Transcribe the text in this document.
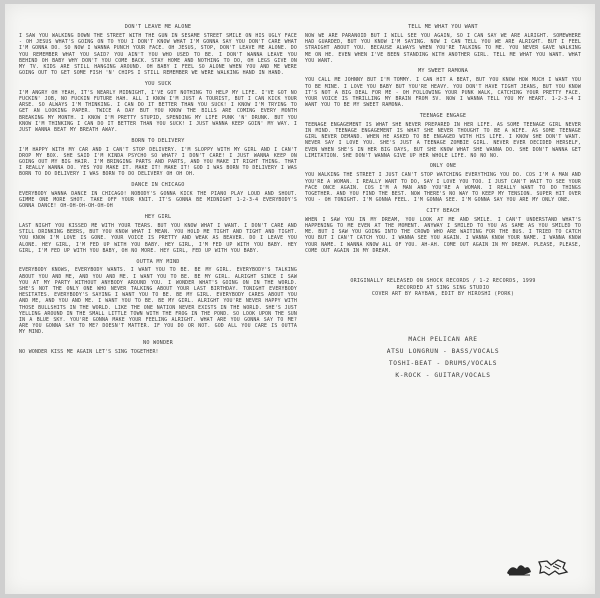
DON'T LEAVE ME ALONE
I SAW YOU WALKING DOWN THE STREET WITH THE GUN IN SESAME STREET SMILE ON HIS UGLY FACE - OH JESUS WHAT'S GOING ON TO YOU I DON'T KNOW WHAT I'M GONNA SAY YOU DON'T CARE WHAT I'M GONNA DO. SO NOW I WANNA PUNCH YOUR FACE. OH JESUS, STOP, DON'T LEAVE ME ALONE. DO YOU REMEMBER WHAT YOU SAID? YOU AIN'T YOU WHO USED TO BE. I DON'T WANNA LEAVE YOU BEHIND OH BABY WHY DON'T YOU COME BACK. STAY HOME AND NOTHING TO DO, OH LEGS GIVE ON MY TV. KIDS ARE STILL HANGING AROUND. OH BABY I FEEL SO ALONE WHEN YOU AND ME WERE GOING OUT TO GET SOME FISH 'N' CHIPS I STILL REMEMBER WE WERE WALKING HAND IN HAND.
YOU SUCK
I'M ANGRY OH YEAH, IT'S NEARLY MIDNIGHT, I'VE GOT NOTHING TO HELP MY LIFE. I'VE GOT NO FUCKIN' JOB, NO FUCKIN FUTURE HAH. ALL I KNOW I'M JUST A TOURIST, BUT I CAN KICK YOUR ARSE. SO ALWAYS I'M THINKING. I CAN DO IT BETTER THAN YOU SUCK! I KNOW I'M TRYING TO GET AN LOOKING PAPER. TWICE A DAY BUT YOU KNOW THE BILLS ARE COMING EVERY MONTH BREAKING MY MONTH. I KNOW I'M PRETTY STUPID, SPENDING MY LIFE PUNK 'N' DRUNK. BUT YOU KNOW I'M THINKING I CAN DO IT BETTER THAN YOU SUCK! I JUST WANNA KEEP GOIN' MY WAY. I JUST WANNA BEAT MY BREATH AWAY.
BORN TO DELIVERY
I'M HAPPY WITH MY CAR AND I CAN'T STOP DELIVERY. I'M SLOPPY WITH MY GIRL AND I CAN'T DROP MY BOX. SHE SAID I'M KINDA PSYCHO SO WHAT? I DON'T CARE! I JUST WANNA KEEP ON GOING OUT MY BIG HAIR. I'M BRINGING PARTS AND PARTS, AND YOU MAKE IT RIGHT THING. THAT I REALLY WANNA DO. YES YOU MAKE IT. MAKE IT! MAKE IT! GOD I WAS BORN TO DELIVERY I WAS BORN TO DO DELIVERY I WAS BORN TO DO DELIVERY OH OH OH.
DANCE IN CHICAGO
EVERYBODY WANNA DANCE IN CHICAGO! NOBODY'S GONNA KICK THE PIANO PLAY LOUD AND SHOUT. GIMME ONE MORE SHOT. TAKE OFF YOUR KNIT. IT'S GONNA BE MIDNIGHT 1-2-3-4 EVERYBODY'S GONNA DANCE! OH-OH-OH-OH-OH-OH
HEY GIRL
LAST NIGHT YOU KISSED ME WITH YOUR TEARS. BUT YOU KNOW WHAT I WANT. I DON'T CARE AND STILL DRINKING BEERS, BUT YOU KNOW WHAT I MEAN. YOU HOLD ME TIGHT AND TIGHT AND TIGHT. YOU KNOW I'M LOVE IS GONE. YOUR VOICE IS PRETTY AND WEAK AS BEAVER. DO I LEAVE YOU ALONE. HEY GIRL, I'M FED UP WITH YOU BABY. HEY GIRL, I'M FED UP WITH YOU BABY. HEY GIRL, I'M FED UP WITH YOU BABY, OH NO MORE. HEY GIRL, FED UP WITH YOU BABY.
OUTTA MY MIND
EVERYBODY KNOWS, EVERYBODY WANTS. I WANT YOU TO BE. BE MY GIRL. EVERYBODY'S TALKING ABOUT YOU AND ME, AND YOU AND ME. I WANT YOU TO BE. BE MY GIRL. ALRIGHT SINCE I SAW YOU AT MY PARTY WITHOUT ANYBODY AROUND YOU. I WONDER WHAT'S GOING ON IN THE WORLD. SHE'S NOT THE ONLY ONE WHO NEVER TALKING ABOUT YOUR LAST BIRTHDAY. TONIGHT EVERYBODY HESITATES. EVERYBODY'S SAYING I WANT YOU TO BE. BE MY GIRL. EVERYBODY CARES ABOUT YOU AND ME, AND YOU AND ME. I WANT YOU TO BE. BE MY GIRL. ALRIGHT YOU'RE NEVER HAPPY WITH THOSE BULLSHITS IN THE WORLD. LIKE THE ONE NATION NEVER EXISTS IN THE WORLD. SHE'S JUST YELLING AROUND IN THE SMALL LITTLE TOWN WITH THE FROG IN THE POND. SO LOOK UPON THE SUN IN A BLUE SKY. YOU'RE GONNA MAKE YOUR FEELING ALRIGHT. WHAT ARE YOU GONNA SAY TO ME? ARE YOU GONNA SAY TO ME? DOESN'T MATTER. IF YOU DO OR NOT. GOD ALL YOU CARE IS OUTTA MY MIND.
NO WONDER
NO WONDER KISS ME AGAIN LET'S SING TOGETHER!
TELL ME WHAT YOU WANT
NOW WE ARE PARANOID BUT I WILL SEE YOU AGAIN, SO I CAN SAY WE ARE ALRIGHT. SOMEWHERE HAD GUARDED, BUT YOU KNOW I'M SAYING. NOW I CAN TELL YOU WE ARE ALRIGHT. BUT I FEEL STRAIGHT ABOUT YOU. BECAUSE ALWAYS WHEN YOU'RE TALKING TO ME. YOU NEVER GAVE WALKING ME ON HE. EVEN WHEN I'VE BEEN STANDING WITH ANOTHER GIRL. TELL ME WHAT YOU WANT. WHAT YOU WANT.
MY SWEET RAMONA
YOU CALL ME JOHNNY BUT I'M TOMMY. I CAN HIT A BEAT, BUT YOU KNOW HOW MUCH I WANT YOU TO BE MINE. I LOVE YOU BABY BUT YOU'RE HEAVY. YOU DON'T HAVE TIGHT JEANS, BUT YOU KNOW IT'S NOT A BIG DEAL FOR ME - OH FOLLOWING YOUR PUNK WALK, CATCHING YOUR PRETTY FACE. YOUR VOICE IS THRILLING MY BRAIN FROM 5V. NOW I WANNA TELL YOU MY HEART. 1-2-3-4 I WANT YOU TO BE MY SWEET RAMONA.
TEENAGE ENGAGE
TEENAGE ENGAGEMENT IS WHAT SHE NEVER PREPARED IN HER LIFE. AS SOME TEENAGE GIRL NEVER IN MIND. TEENAGE ENGAGEMENT IS WHAT SHE NEVER THOUGHT TO BE A WIFE. AS SOME TEENAGE GIRL NEVER DEMAND. WHEN HE ASKED TO BE ENGAGED WITH HIS LIFE. I KNOW SHE DON'T WANT. NEVER SAY I LOVE YOU. SHE'S JUST A TEENAGE ZOMBIE GIRL. NEVER EVER DECIDED HERSELF, EVEN WHEN SHE'S IN HER BIG DAYS, BUT SHE KNOW WHAT SHE WANNA DO. SHE DON'T WANNA GET LIMITATION. SHE DON'T WANNA GIVE UP HER WHOLE LIFE. NO NO NO.
ONLY ONE
YOU WALKING THE STREET I JUST CAN'T STOP WATCHING EVERYTHING YOU DO. COS I'M A MAN AND YOU'RE A WOMAN. I REALLY WANT TO DO, SAY I LOVE YOU TOO. I JUST CAN'T WAIT TO SEE YOUR FACE ONCE AGAIN. COS I'M A MAN AND YOU'RE A WOMAN. I REALLY WANT TO DO THINGS TOGETHER. AND YOU FIND THE BEST. NOW THERE'S NO WAY TO KEEP MY TENSION. SUPER HIT OVER YOU - OH TONIGHT. I'M GONNA FEEL. I'M GONNA SEE. I'M GONNA SAY YOU ARE MY ONLY ONE.
CITY BEACH
WHEN I SAW YOU IN MY DREAM, YOU LOOK AT ME AND SMILE. I CAN'T UNDERSTAND WHAT'S HAPPENING TO ME EVEN AT THE MOMENT. ANYWAY I SMILED TO YOU AS SAME AS YOU SMILED TO ME. BUT I SAW YOU GOING INTO THE CROWD WHO ARE WAITING FOR THE BUS. I TRIED TO CATCH YOU BUT I CAN'T CATCH YOU. I WANNA SEE YOU AGAIN. I WANNA KNOW YOUR NAME. I WANNA KNOW YOUR NAME. I WANNA KNOW ALL OF YOU. AH-AH. COME OUT AGAIN IN MY DREAM. PLEASE, PLEASE, COME OUT AGAIN IN MY DREAM.
ORIGINALLY RELEASED ON SHOCK RECORDS / 1-2 RECORDS, 1999
RECORDED AT SING SING STUDIO
COVER ART BY RAYBAN, EDIT BY HIROSHI (PORK)
MACH PELICAN ARE
ATSU LONGRUN - BASS/VOCALS
TOSHI-BEAT - DRUMS/VOCALS
K-ROCK - GUITAR/VOCALS
